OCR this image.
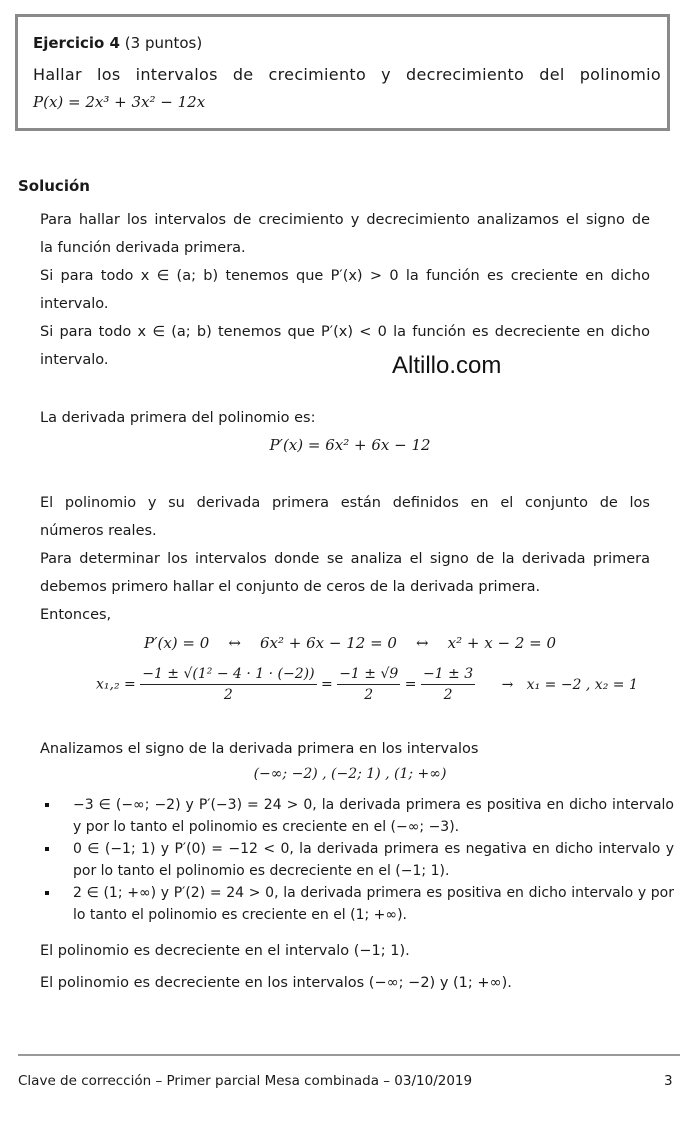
Ejercicio 4 (3 puntos)
Hallar los intervalos de crecimiento y decrecimiento del polinomio
P(x) = 2x³ + 3x² − 12x
Solución
Para hallar los intervalos de crecimiento y decrecimiento analizamos el signo de
la función derivada primera.
Si para todo x ∈ (a; b) tenemos que P′(x) > 0 la función es creciente en dicho
intervalo.
Si para todo x ∈ (a; b) tenemos que P′(x) < 0 la función es decreciente en dicho
intervalo.	Altillo.com
La derivada primera del polinomio es:
P′(x) = 6x² + 6x − 12
El polinomio y su derivada primera están definidos en el conjunto de los
números reales.
Para determinar los intervalos donde se analiza el signo de la derivada primera
debemos primero hallar el conjunto de ceros de la derivada primera.
Entonces,
P′(x) = 0    ↔    6x² + 6x − 12 = 0    ↔    x² + x − 2 = 0
$x_1,_2 = \frac{\text{−1 ± √(1² − 4 · 1 · (−2))}}{2} = \frac{-1 \pm √9}{2} = \frac{-1 \pm 3}{2} \to x_1 = -2$ , x₂ = 1
Analizamos el signo de la derivada primera en los intervalos
(−∞; −2) , (−2; 1) , (1; +∞)
−3 ∈ (−∞; −2) y P′(−3) = 24 > 0, la derivada primera es positiva en dicho intervalo y por lo tanto el polinomio es creciente en el (−∞; −3).
0 ∈ (−1; 1) y P′(0) = −12 < 0, la derivada primera es negativa en dicho intervalo y por lo tanto el polinomio es decreciente en el (−1; 1).
2 ∈ (1; +∞) y P′(2) = 24 > 0, la derivada primera es positiva en dicho intervalo y por lo tanto el polinomio es creciente en el (1; +∞).
El polinomio es decreciente en el intervalo (−1; 1).
El polinomio es decreciente en los intervalos (−∞; −2) y (1; +∞).
Clave de corrección – Primer parcial Mesa combinada – 03/10/2019	3
